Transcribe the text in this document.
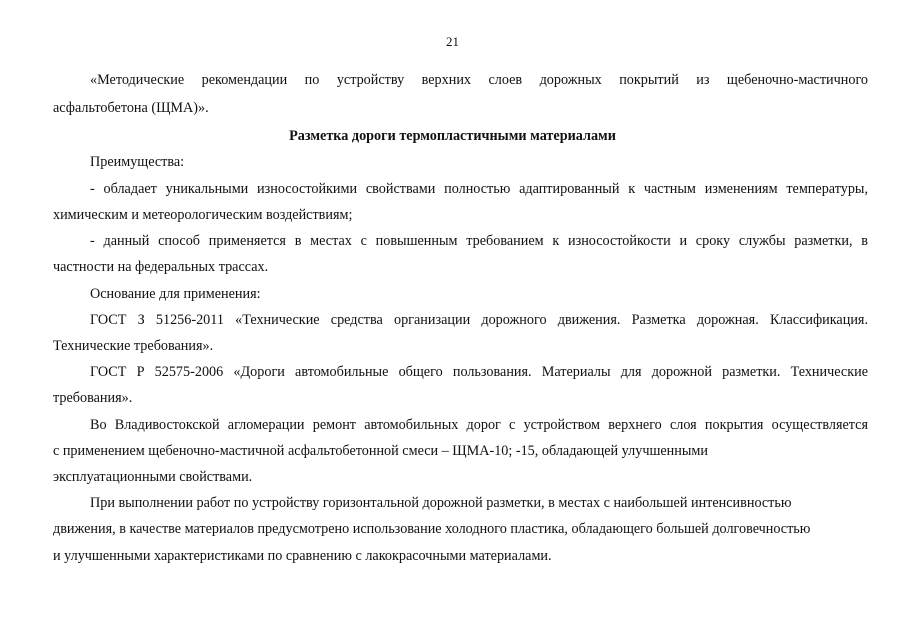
21
«Методические рекомендации по устройству верхних слоев дорожных покрытий из щебеночно-мастичного
асфальтобетона (ЩМА)».
Разметка дороги термопластичными материалами
Преимущества:
- обладает уникальными износостойкими свойствами полностью адаптированный к частным изменениям температуры,
химическим и метеорологическим воздействиям;
- данный способ применяется в местах с повышенным требованием к износостойкости и сроку службы разметки, в
частности на федеральных трассах.
Основание для применения:
ГОСТ З 51256-2011 «Технические средства организации дорожного движения. Разметка дорожная. Классификация.
Технические требования».
ГОСТ Р 52575-2006 «Дороги автомобильные общего пользования. Материалы для дорожной разметки. Технические
требования».
Во Владивостокской агломерации ремонт автомобильных дорог с устройством верхнего слоя покрытия осуществляется
с применением щебеночно-мастичной асфальтобетонной смеси – ЩМА-10; -15, обладающей улучшенными
эксплуатационными свойствами.
При выполнении работ по устройству горизонтальной дорожной разметки, в местах с наибольшей интенсивностью
движения, в качестве материалов предусмотрено использование холодного пластика, обладающего большей долговечностью
и улучшенными характеристиками по сравнению с лакокрасочными материалами.
